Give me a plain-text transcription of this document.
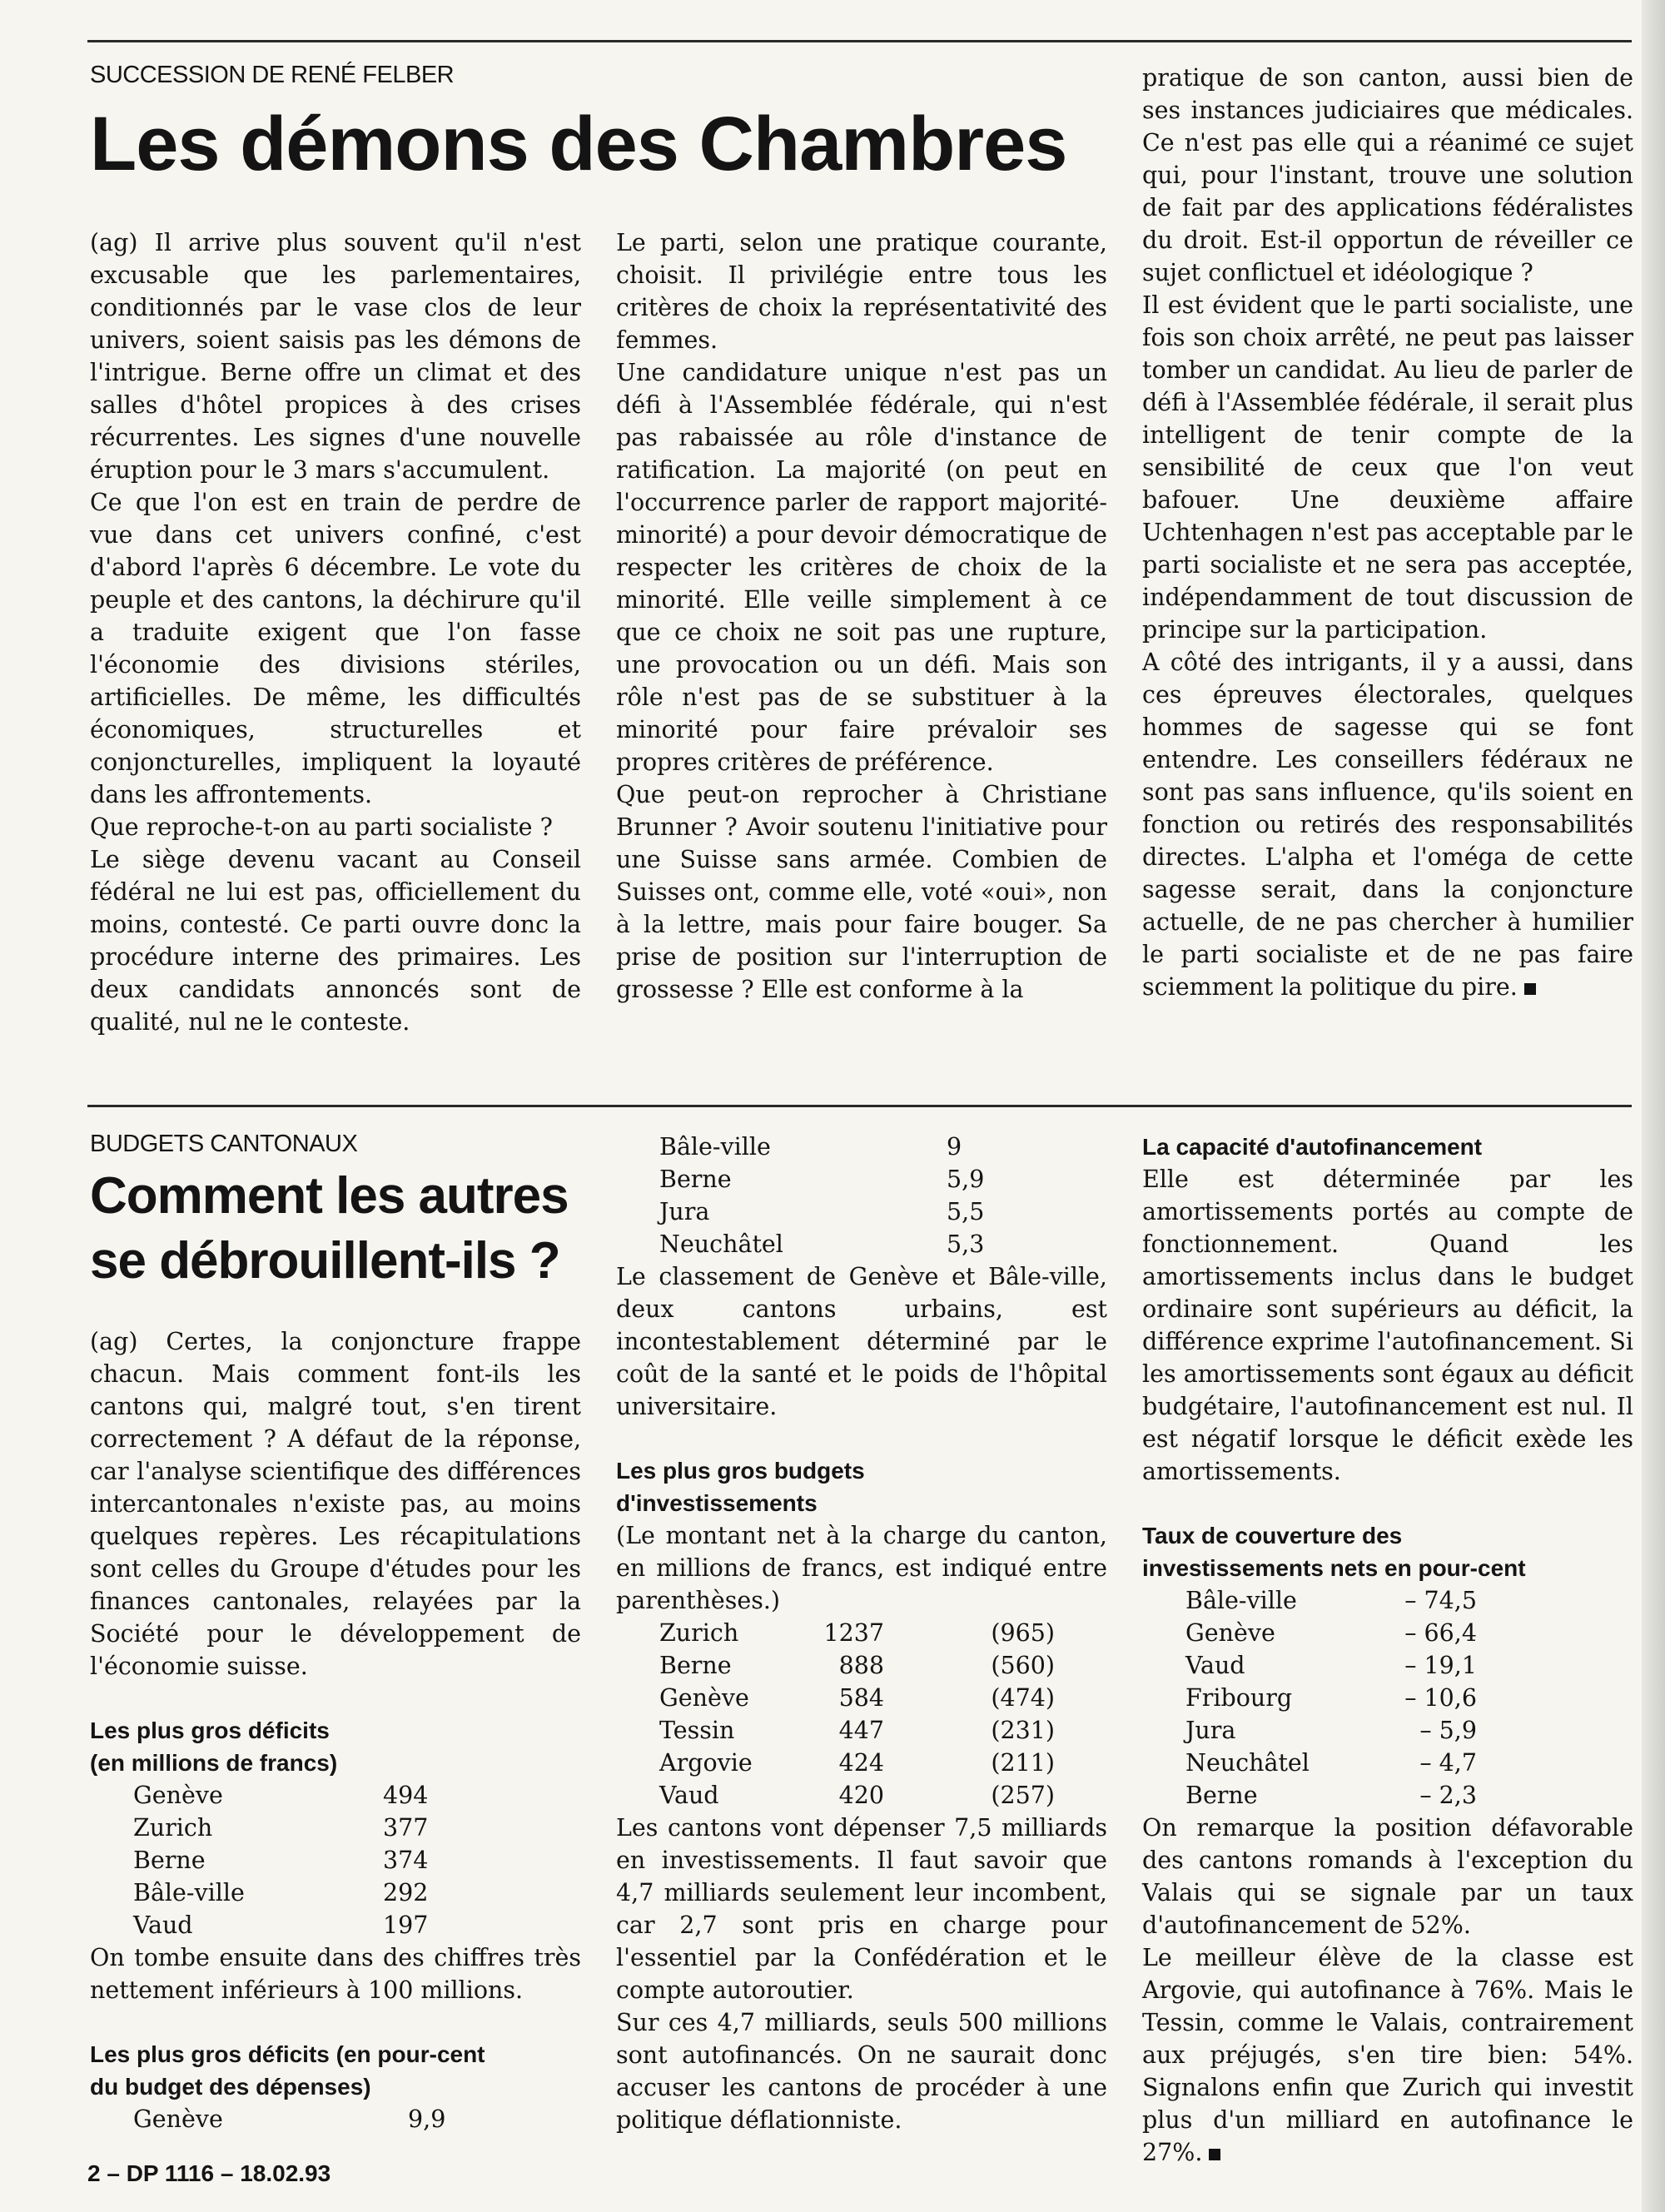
SUCCESSION DE RENÉ FELBER
Les démons des Chambres

(ag) Il arrive plus souvent qu'il n'est excusable que les parlementaires, conditionnés par le vase clos de leur univers, soient saisis pas les démons de l'intrigue. Berne offre un climat et des salles d'hôtel propices à des crises récurrentes. Les signes d'une nouvelle éruption pour le 3 mars s'accumulent.

Ce que l'on est en train de perdre de vue dans cet univers confiné, c'est d'abord l'après 6 décembre. Le vote du peuple et des cantons, la déchirure qu'il a traduite exigent que l'on fasse l'économie des divisions stériles, artificielles. De même, les difficultés économiques, structurelles et conjoncturelles, impliquent la loyauté dans les affrontements.

Que reproche-t-on au parti socialiste ?

Le siège devenu vacant au Conseil fédéral ne lui est pas, officiellement du moins, contesté. Ce parti ouvre donc la procédure interne des primaires. Les deux candidats annoncés sont de qualité, nul ne le conteste.

Le parti, selon une pratique courante, choisit. Il privilégie entre tous les critères de choix la représentativité des femmes.

Une candidature unique n'est pas un défi à l'Assemblée fédérale, qui n'est pas rabaissée au rôle d'instance de ratification. La majorité (on peut en l'occurrence parler de rapport majorité-minorité) a pour devoir démocratique de respecter les critères de choix de la minorité. Elle veille simplement à ce que ce choix ne soit pas une rupture, une provocation ou un défi. Mais son rôle n'est pas de se substituer à la minorité pour faire prévaloir ses propres critères de préférence.

Que peut-on reprocher à Christiane Brunner ? Avoir soutenu l'initiative pour une Suisse sans armée. Combien de Suisses ont, comme elle, voté «oui», non à la lettre, mais pour faire bouger. Sa prise de position sur l'interruption de grossesse ? Elle est conforme à la

pratique de son canton, aussi bien de ses instances judiciaires que médicales. Ce n'est pas elle qui a réanimé ce sujet qui, pour l'instant, trouve une solution de fait par des applications fédéralistes du droit. Est-il opportun de réveiller ce sujet conflictuel et idéologique ?

Il est évident que le parti socialiste, une fois son choix arrêté, ne peut pas laisser tomber un candidat. Au lieu de parler de défi à l'Assemblée fédérale, il serait plus intelligent de tenir compte de la sensibilité de ceux que l'on veut bafouer. Une deuxième affaire Uchtenhagen n'est pas acceptable par le parti socialiste et ne sera pas acceptée, indépendamment de tout discussion de principe sur la participation.

A côté des intrigants, il y a aussi, dans ces épreuves électorales, quelques hommes de sagesse qui se font entendre. Les conseillers fédéraux ne sont pas sans influence, qu'ils soient en fonction ou retirés des responsabilités directes. L'alpha et l'oméga de cette sagesse serait, dans la conjoncture actuelle, de ne pas chercher à humilier le parti socialiste et de ne pas faire sciemment la politique du pire.

BUDGETS CANTONAUX
Comment les autres
se débrouillent-ils ?

(ag) Certes, la conjoncture frappe chacun. Mais comment font-ils les cantons qui, malgré tout, s'en tirent correctement ? A défaut de la réponse, car l'analyse scientifique des différences intercantonales n'existe pas, au moins quelques repères. Les récapitulations sont celles du Groupe d'études pour les finances cantonales, relayées par la Société pour le développement de l'économie suisse.

Les plus gros déficits
(en millions de francs)

Genève	494
Zurich	377
Berne	374
Bâle-ville	292
Vaud	197

On tombe ensuite dans des chiffres très nettement inférieurs à 100 millions.

Les plus gros déficits (en pour-cent
du budget des dépenses)

Genève	9,9
Bâle-ville	9
Berne	5,9
Jura	5,5
Neuchâtel	5,3

Le classement de Genève et Bâle-ville, deux cantons urbains, est incontestablement déterminé par le coût de la santé et le poids de l'hôpital universitaire.

Les plus gros budgets
d'investissements

(Le montant net à la charge du canton, en millions de francs, est indiqué entre parenthèses.)

Zurich	1237	(965)
Berne	888	(560)
Genève	584	(474)
Tessin	447	(231)
Argovie	424	(211)
Vaud	420	(257)

Les cantons vont dépenser 7,5 milliards en investissements. Il faut savoir que 4,7 milliards seulement leur incombent, car 2,7 sont pris en charge pour l'essentiel par la Confédération et le compte autoroutier.

Sur ces 4,7 milliards, seuls 500 millions sont autofinancés. On ne saurait donc accuser les cantons de procéder à une politique déflationniste.

La capacité d'autofinancement

Elle est déterminée par les amortissements portés au compte de fonctionnement. Quand les amortissements inclus dans le budget ordinaire sont supérieurs au déficit, la différence exprime l'autofinancement. Si les amortissements sont égaux au déficit budgétaire, l'autofinancement est nul. Il est négatif lorsque le déficit exède les amortissements.

Taux de couverture des
investissements nets en pour-cent

Bâle-ville	– 74,5
Genève	– 66,4
Vaud	– 19,1
Fribourg	– 10,6
Jura	– 5,9
Neuchâtel	– 4,7
Berne	– 2,3

On remarque la position défavorable des cantons romands à l'exception du Valais qui se signale par un taux d'autofinancement de 52%.

Le meilleur élève de la classe est Argovie, qui autofinance à 76%. Mais le Tessin, comme le Valais, contrairement aux préjugés, s'en tire bien: 54%. Signalons enfin que Zurich qui investit plus d'un milliard en autofinance le 27%.

2 – DP 1116 – 18.02.93
